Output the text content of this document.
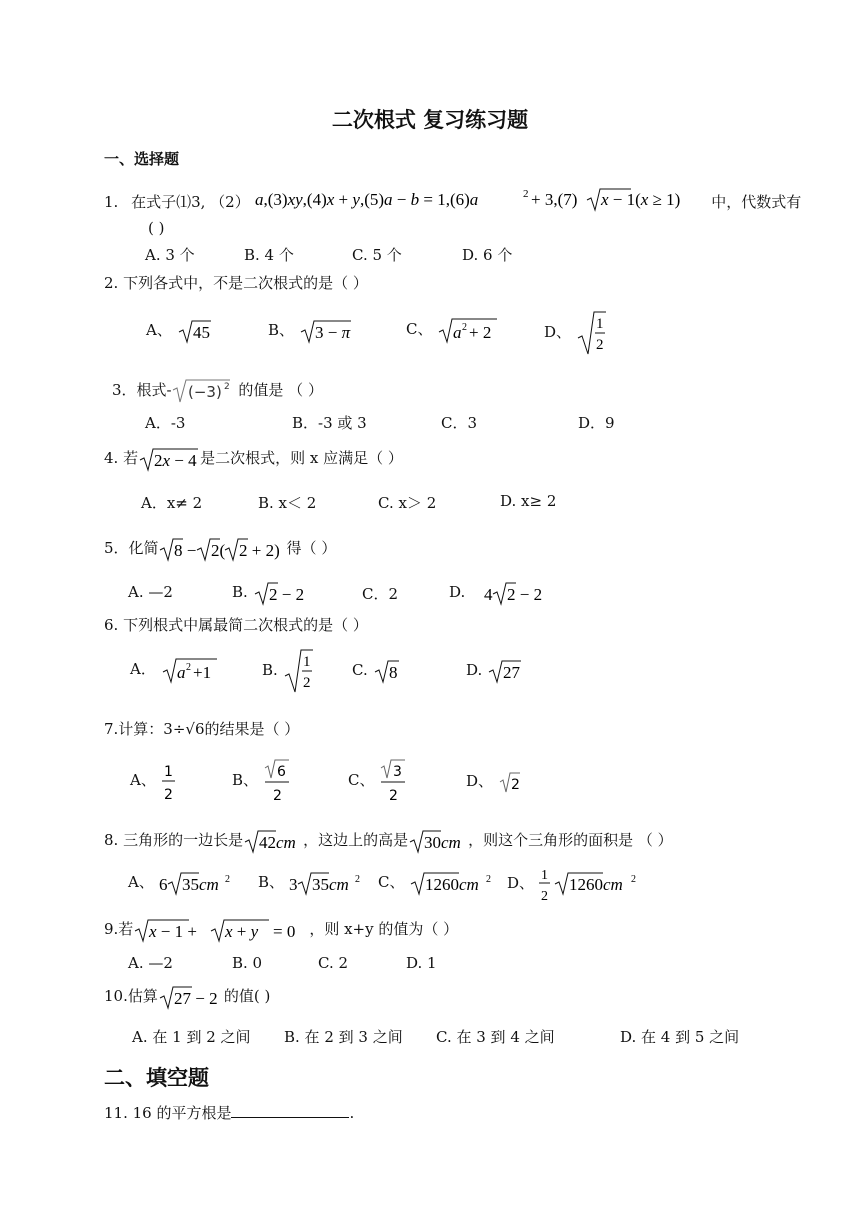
二次根式 复习练习题
一、选择题
1. 在式子⑴3, （2） a,(3)xy,(4)x + y,(5)a − b = 1,(6)a	2 + 3,(7) x − 1(x ≥ 1) 中，代数式有
( )
A. 3 个	B. 4 个	C. 5 个	D. 6 个
2. 下列各式中，不是二次根式的是（ ）
A、 45	B、 3 − π	C、 a 2 + 2	D、 1
2
3．根式- (−3) 2 的值是 （ ）
A．-3	B．-3 或 3	C．3	D．9
4. 若 2x − 4 是二次根式，则 x 应满足（ ）
A．x≠ 2	B. x＜ 2	C. x＞ 2	D. x≥ 2
5．化简 8 − 2( 2 + 2) 得（ ）
A. —2	B. 2 − 2	C．2	D. 4 2 − 2
6. 下列根式中属最简二次根式的是（ ）
A． a 2 +1	B. 1
2
C. 8	D. 27
7.计算：3÷√6的结果是（ ）
A、 1
2
B、 6
2
C、 3
2
D、 2
8. 三角形的一边长是 42cm ，这边上的高是 30cm ，则这个三角形的面积是 （ ）
A、 6 35cm 2 B、 3 35cm 2 C、 1260cm 2 D、 1
2
1260cm 2
9.若 x − 1 + x + y = 0 ，则 x+y 的值为（ ）
A. —2	B. 0	C. 2	D. 1
10.估算 27 − 2 的值( )
A. 在 1 到 2 之间 B. 在 2 到 3 之间 C. 在 3 到 4 之间	D. 在 4 到 5 之间
二、填空题
11. 16 的平方根是	.
